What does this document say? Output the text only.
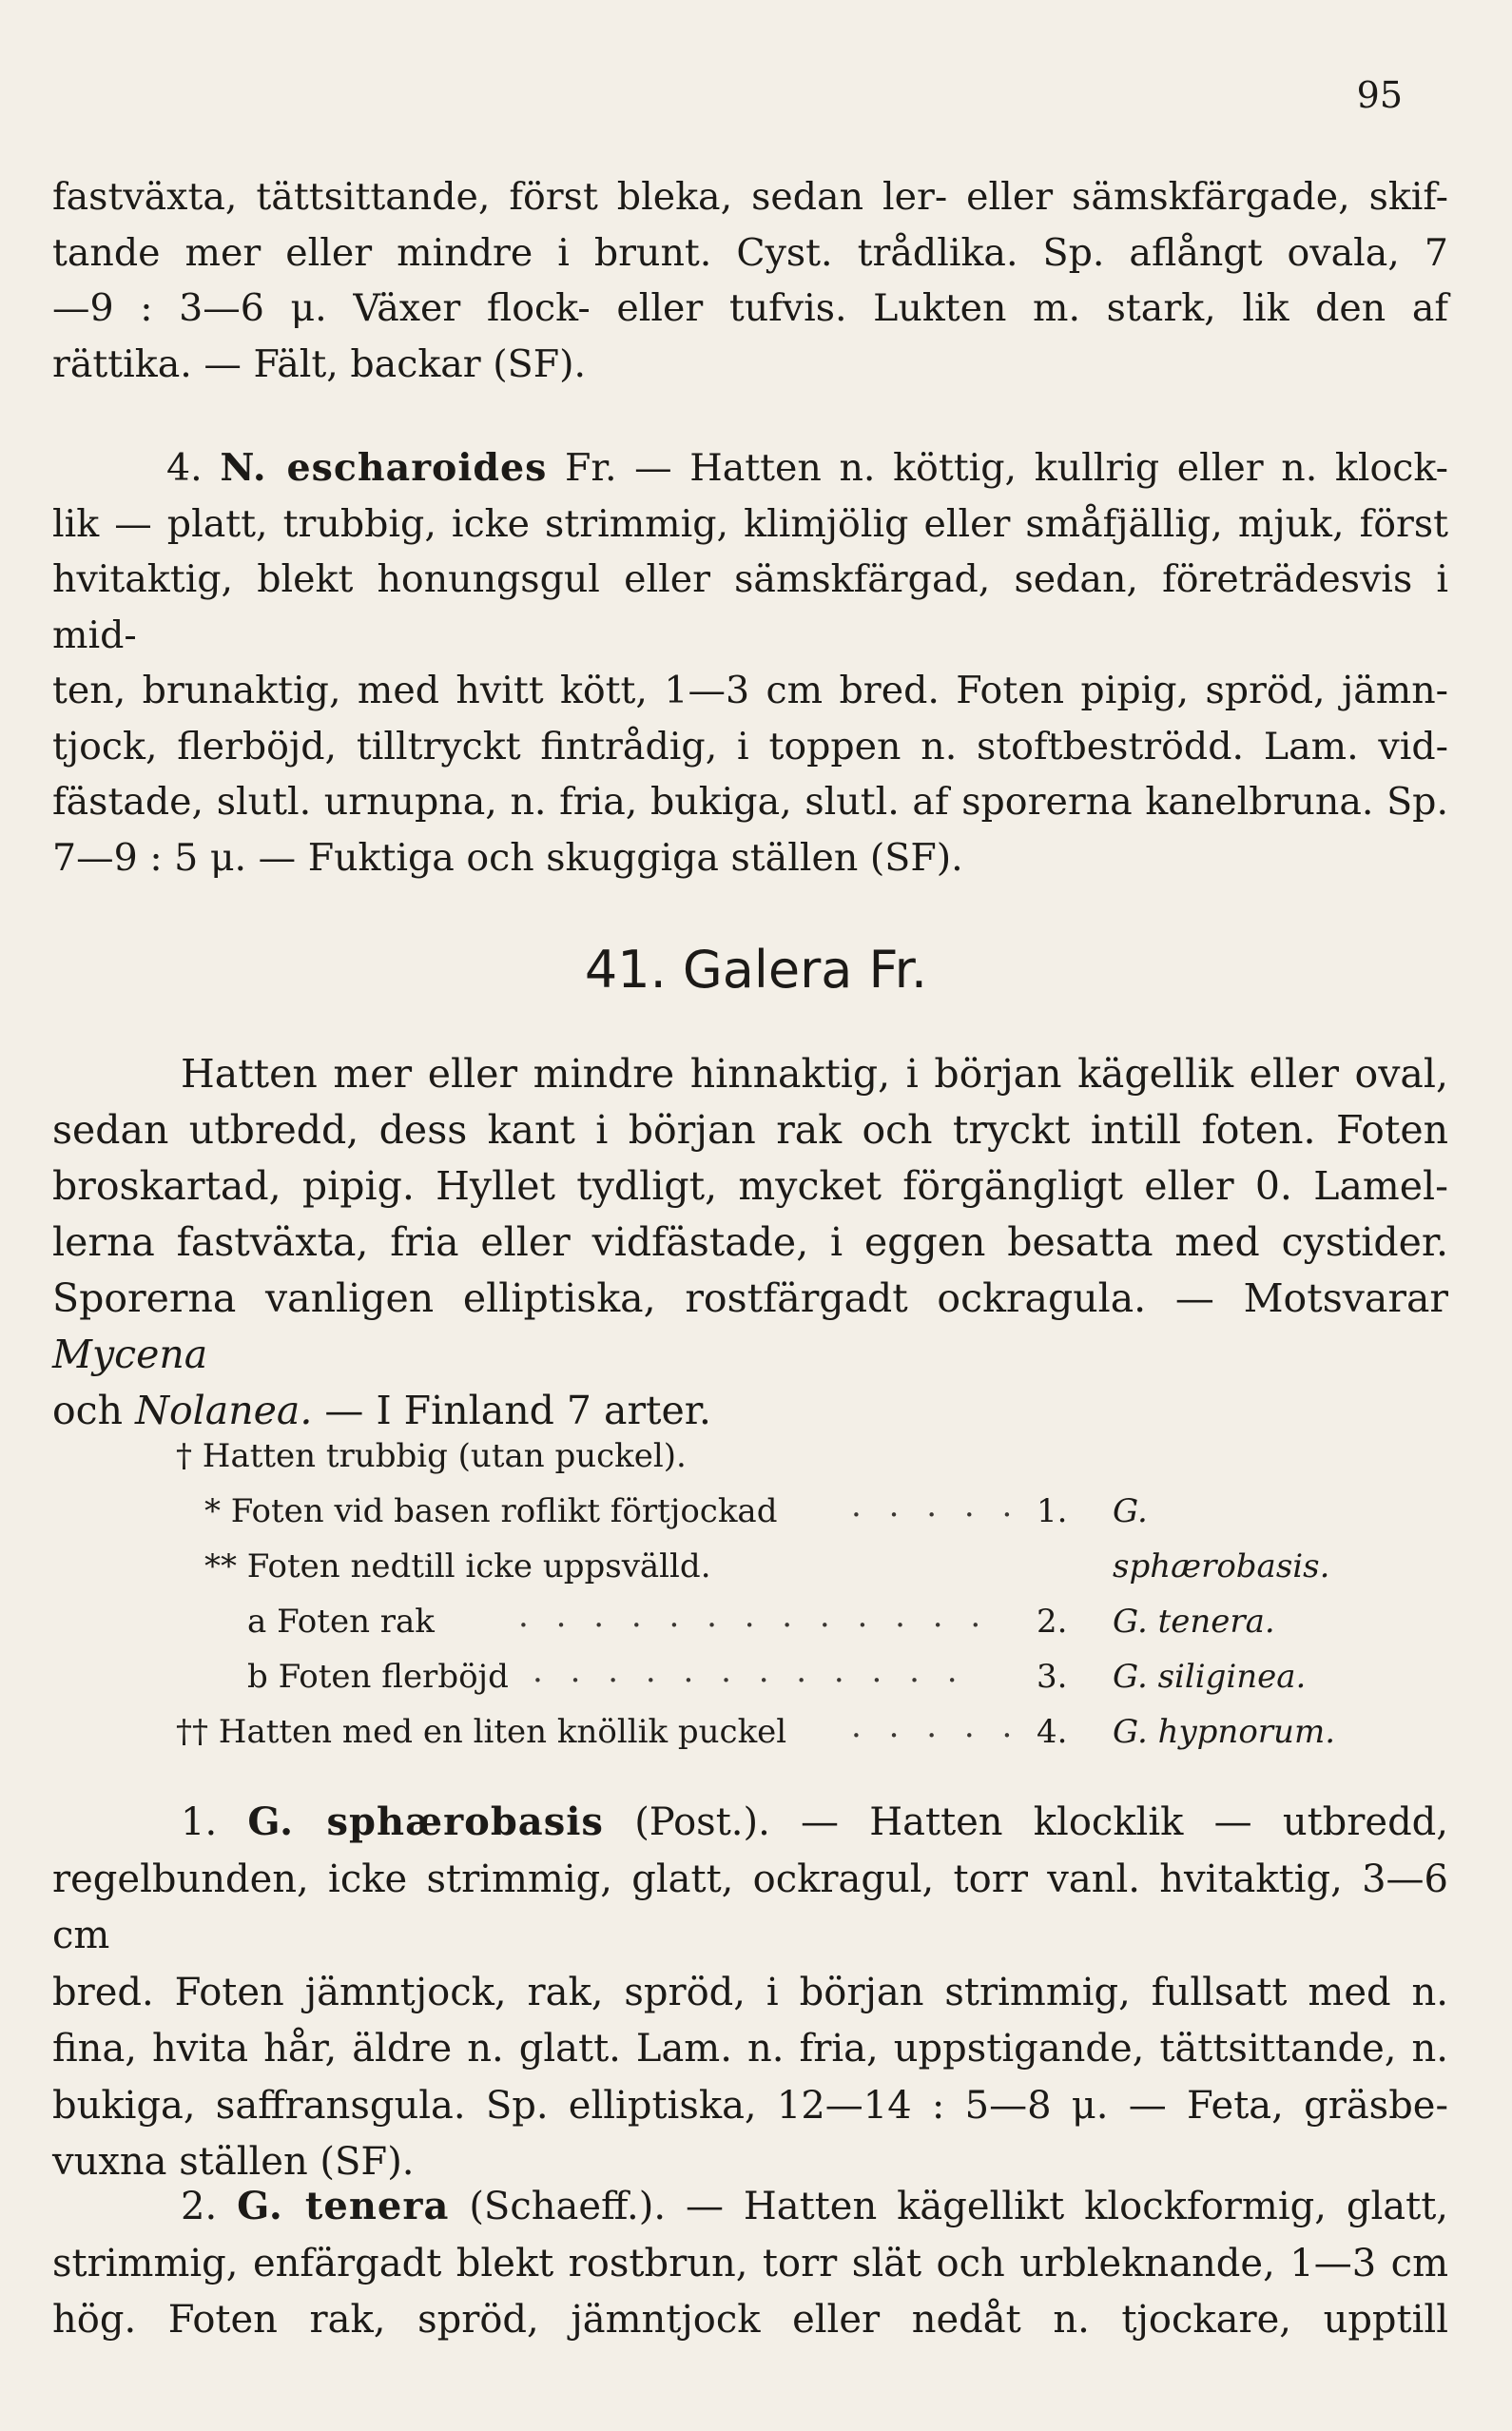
95
fastväxta, tättsittande, först bleka, sedan ler- eller sämskfärgade, skif-
tande mer eller mindre i brunt. Cyst. trådlika. Sp. aflångt ovala, 7
—9 : 3—6 μ. Växer flock- eller tufvis. Lukten m. stark, lik den af
rättika. — Fält, backar (SF).
4. N. escharoides Fr. — Hatten n. köttig, kullrig eller n. klock-
lik — platt, trubbig, icke strimmig, klimjölig eller småfjällig, mjuk, först
hvitaktig, blekt honungsgul eller sämskfärgad, sedan, företrädesvis i mid-
ten, brunaktig, med hvitt kött, 1—3 cm bred. Foten pipig, spröd, jämn-
tjock, flerböjd, tilltryckt fintrådig, i toppen n. stoftbeströdd. Lam. vid-
fästade, slutl. urnupna, n. fria, bukiga, slutl. af sporerna kanelbruna. Sp.
7—9 : 5 μ. — Fuktiga och skuggiga ställen (SF).
41. Galera Fr.
Hatten mer eller mindre hinnaktig, i början kägellik eller oval,
sedan utbredd, dess kant i början rak och tryckt intill foten. Foten
broskartad, pipig. Hyllet tydligt, mycket förgängligt eller 0. Lamel-
lerna fastväxta, fria eller vidfästade, i eggen besatta med cystider.
Sporerna vanligen elliptiska, rostfärgadt ockragula. — Motsvarar Mycena
och Nolanea. — I Finland 7 arter.
† Hatten trubbig (utan puckel).
* Foten vid basen roflikt förtjockad . . . . . 1. G. sphærobasis.
** Foten nedtill icke uppsvälld.
a Foten rak	. . . . . . . . . . . . . 2. G. tenera.
b Foten flerböjd . . . . . . . . . . . . 3. G. siliginea.
†† Hatten med en liten knöllik puckel . . . . . 4. G. hypnorum.
1. G. sphærobasis (Post.). — Hatten klocklik — utbredd,
regelbunden, icke strimmig, glatt, ockragul, torr vanl. hvitaktig, 3—6 cm
bred. Foten jämntjock, rak, spröd, i början strimmig, fullsatt med n.
fina, hvita hår, äldre n. glatt. Lam. n. fria, uppstigande, tättsittande, n.
bukiga, saffransgula. Sp. elliptiska, 12—14 : 5—8 μ. — Feta, gräsbe-
vuxna ställen (SF).
2. G. tenera (Schaeff.). — Hatten kägellikt klockformig, glatt,
strimmig, enfärgadt blekt rostbrun, torr slät och urbleknande, 1—3 cm
hög. Foten rak, spröd, jämntjock eller nedåt n. tjockare, upptill
